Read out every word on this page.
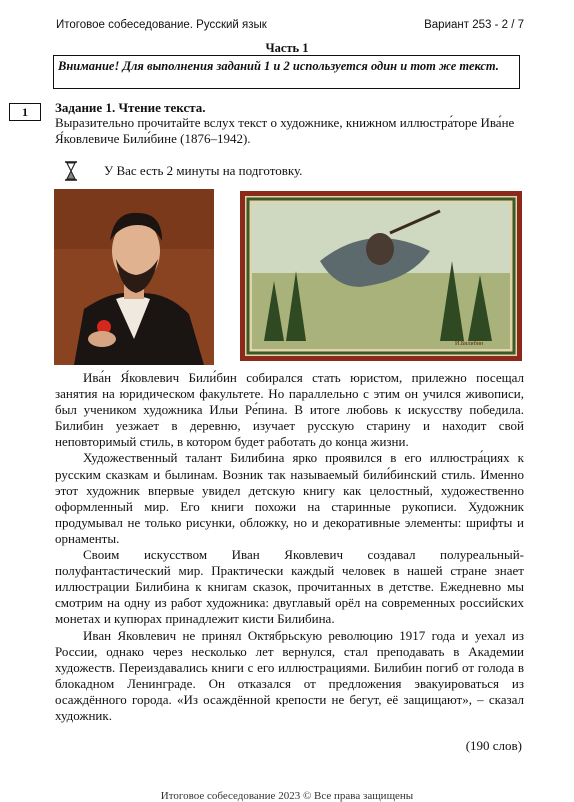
Итоговое собеседование. Русский язык	Вариант 253 - 2 / 7
Часть 1
Внимание! Для выполнения заданий 1 и 2 используется один и тот же текст.
1	Задание 1. Чтение текста.
Выразительно прочитайте вслух текст о художнике, книжном иллюстра́торе Ива́не Я́ковлевиче Били́бине (1876–1942).
У Вас есть 2 минуты на подготовку.
И.Билибин

Ива́н Я́ковлевич Били́бин собирался стать юристом, прилежно посещал занятия на юридическом факультете. Но параллельно с этим он учился живописи, был учеником художника Ильи Ре́пина. В итоге любовь к искусству победила. Билибин уезжает в деревню, изучает русскую старину и находит свой неповторимый стиль, в котором будет работать до конца жизни.

Художественный талант Билибина ярко проявился в его иллюстра́циях к русским сказкам и былинам. Возник так называемый били́бинский стиль. Именно этот художник впервые увидел детскую книгу как целостный, художественно оформленный мир. Его книги похожи на старинные рукописи. Художник продумывал не только рисунки, обложку, но и декоративные элементы: шрифты и орнаменты.

Своим искусством Иван Яковлевич создавал полуреальный-полуфантастический мир. Практически каждый человек в нашей стране знает иллюстрации Билибина к книгам сказок, прочитанных в детстве. Ежедневно мы смотрим на одну из работ художника: двуглавый орёл на современных российских монетах и купюрах принадлежит кисти Билибина.

Иван Яковлевич не принял Октябрьскую революцию 1917 года и уехал из России, однако через несколько лет вернулся, стал преподавать в Академии художеств. Переиздавались книги с его иллюстрациями. Билибин погиб от голода в блокадном Ленинграде. Он отказался от предложения эвакуироваться из осаждённого города. «Из осаждённой крепости не бегут, её защищают», – сказал художник.

(190 слов)
Итоговое собеседование 2023 © Все права защищены
